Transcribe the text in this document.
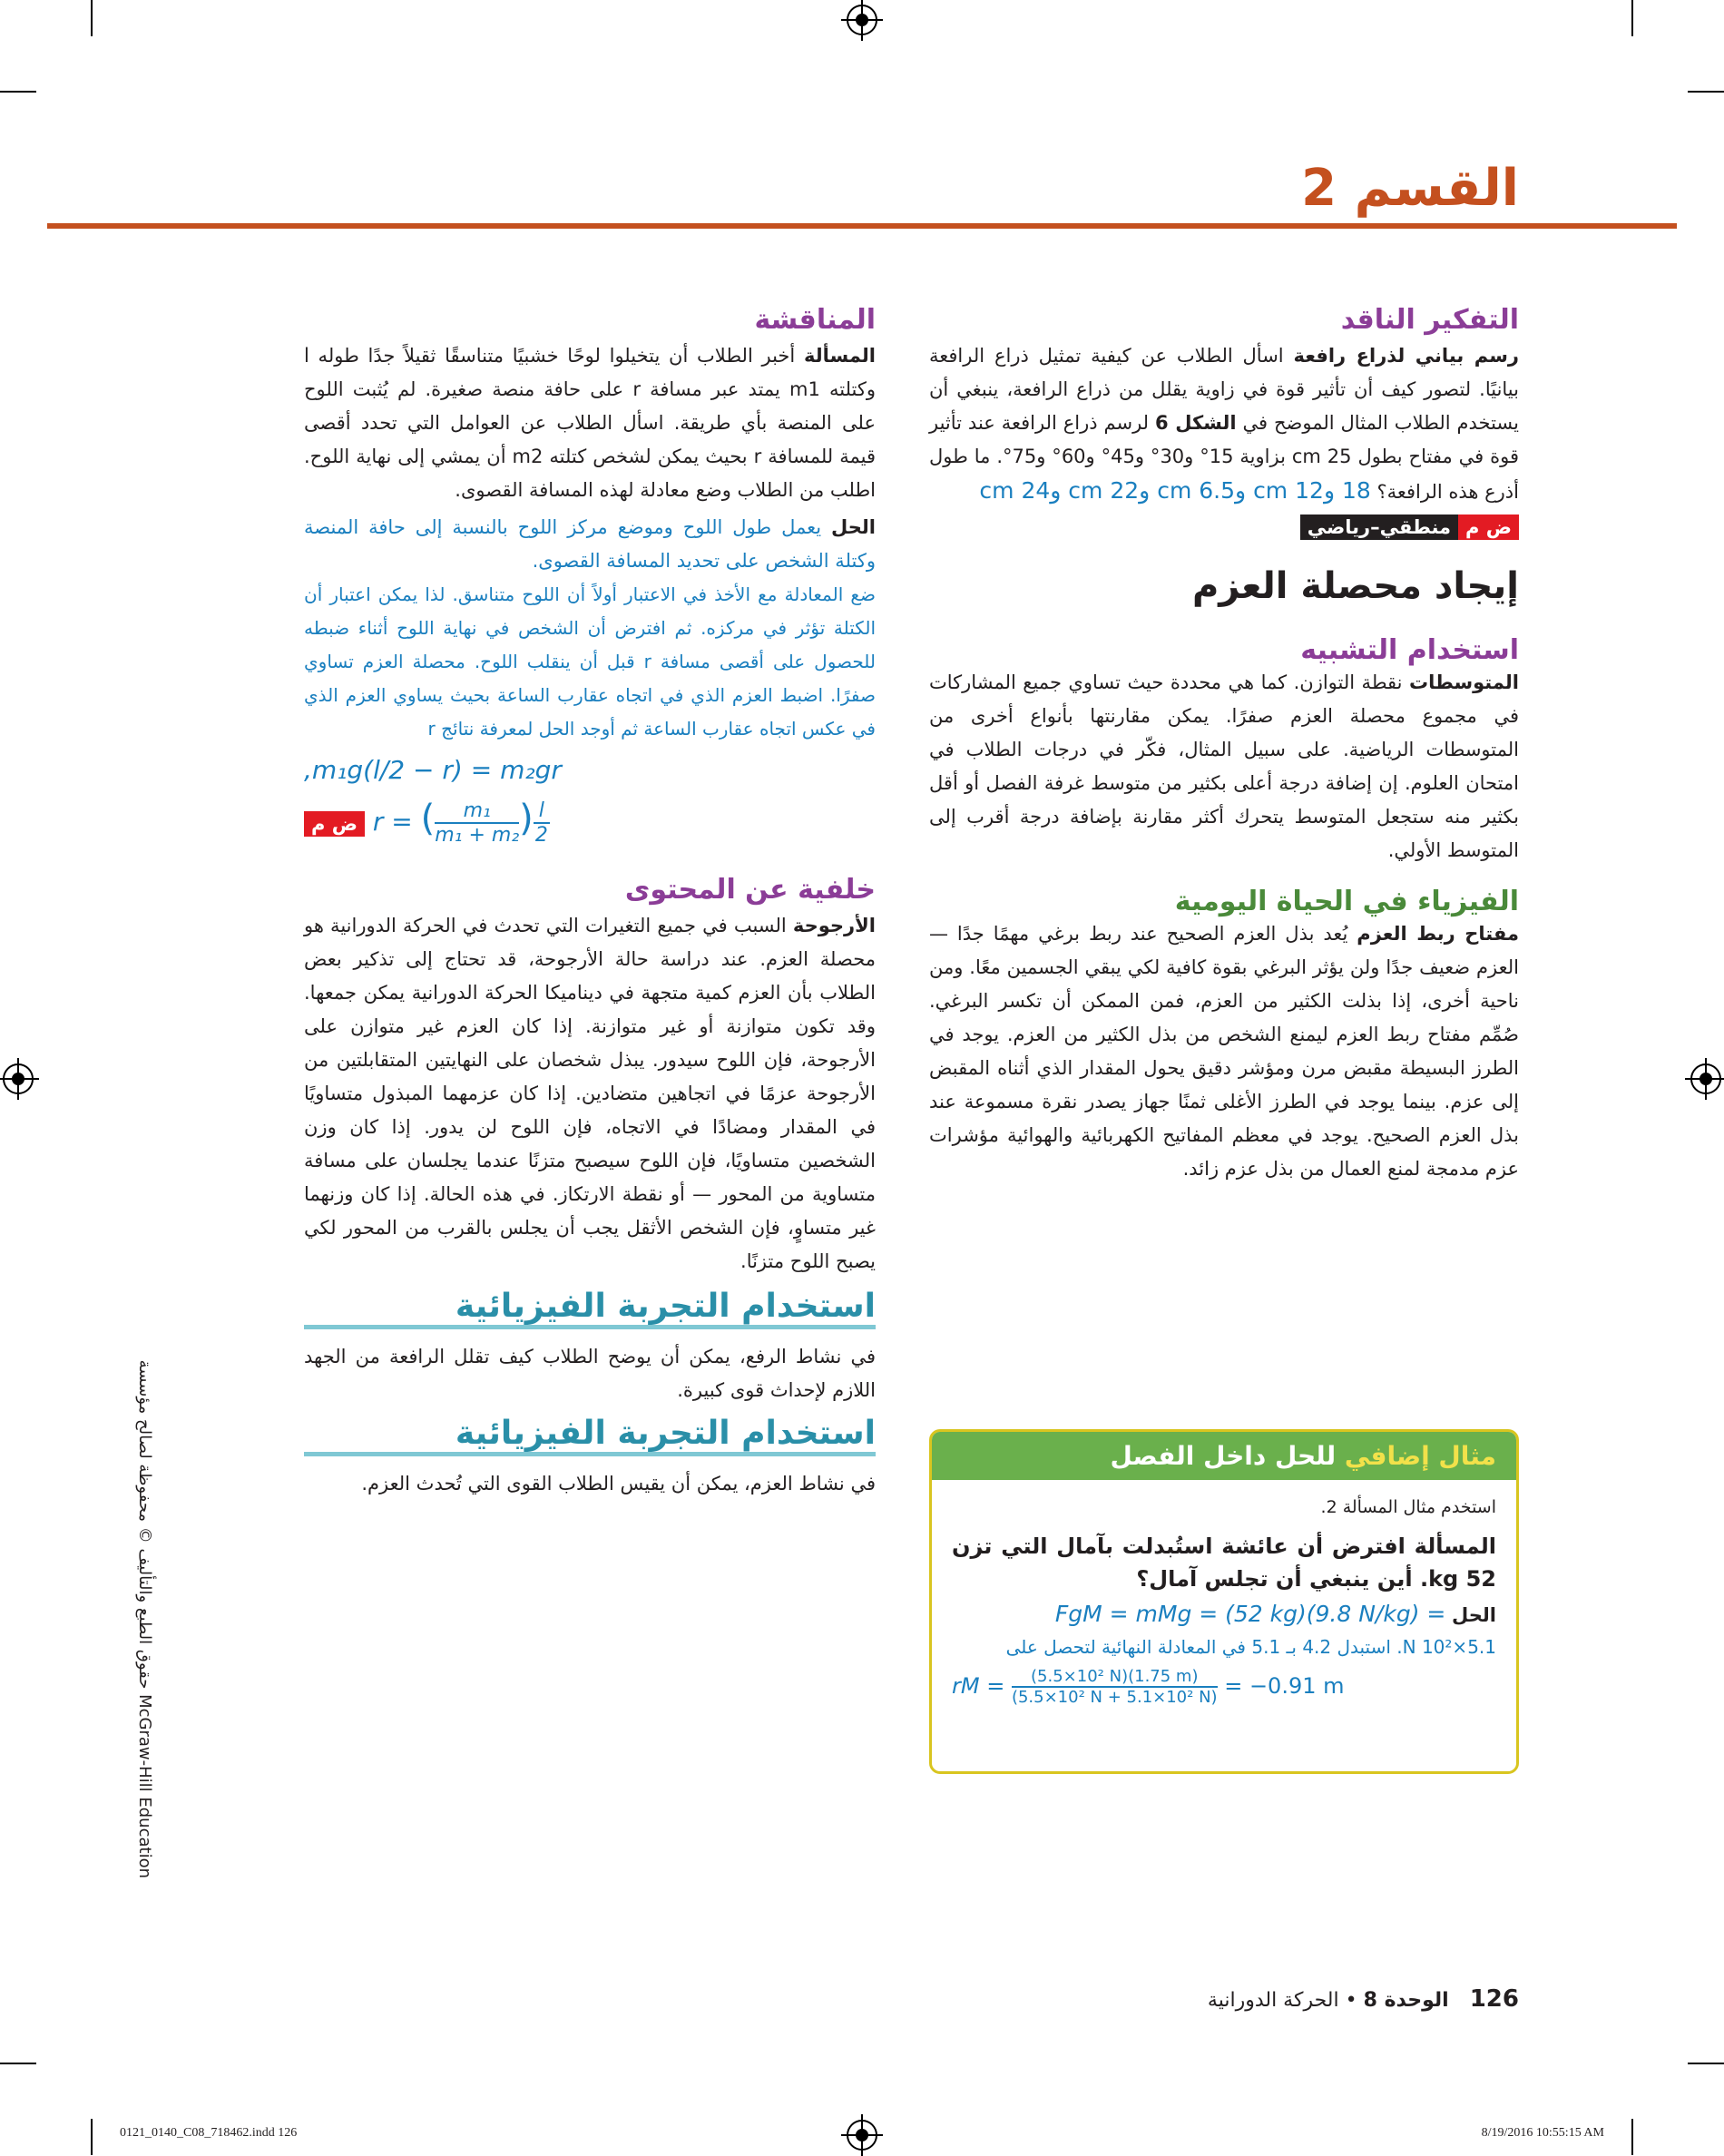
القسم 2
التفكير الناقد
رسم بياني لذراع رافعة اسأل الطلاب عن كيفية تمثيل ذراع الرافعة بيانيًا. لتصور كيف أن تأثير قوة في زاوية يقلل من ذراع الرافعة، ينبغي أن يستخدم الطلاب المثال الموضح في الشكل 6 لرسم ذراع الرافعة عند تأثير قوة في مفتاح بطول 25 cm بزاوية 15° و30° و45° و60° و75°. ما طول أذرع هذه الرافعة؟ 18 و12 cm و6.5 cm و22 cm و24 cm
ض ممنطقي–رياضي
إيجاد محصلة العزم
استخدام التشبيه
المتوسطات نقطة التوازن. كما هي محددة حيث تساوي جميع المشاركات في مجموع محصلة العزم صفرًا. يمكن مقارنتها بأنواع أخرى من المتوسطات الرياضية. على سبيل المثال، فكّر في درجات الطلاب في امتحان العلوم. إن إضافة درجة أعلى بكثير من متوسط غرفة الفصل أو أقل بكثير منه ستجعل المتوسط يتحرك أكثر مقارنة بإضافة درجة أقرب إلى المتوسط الأولي.
الفيزياء في الحياة اليومية
مفتاح ربط العزم يُعد بذل العزم الصحيح عند ربط برغي مهمًا جدًا — العزم ضعيف جدًا ولن يؤثر البرغي بقوة كافية لكي يبقي الجسمين معًا. ومن ناحية أخرى، إذا بذلت الكثير من العزم، فمن الممكن أن تكسر البرغي. صُمِّم مفتاح ربط العزم ليمنع الشخص من بذل الكثير من العزم. يوجد في الطرز البسيطة مقبض مرن ومؤشر دقيق يحول المقدار الذي أثناه المقبض إلى عزم. بينما يوجد في الطرز الأغلى ثمنًا جهاز يصدر نقرة مسموعة عند بذل العزم الصحيح. يوجد في معظم المفاتيح الكهربائية والهوائية مؤشرات عزم مدمجة لمنع العمال من بذل عزم زائد.
مثال إضافي للحل داخل الفصل
استخدم مثال المسألة 2.
المسألة افترض أن عائشة استُبدلت بآمال التي تزن 52 kg. أين ينبغي أن تجلس آمال؟
الحل FgM = mMg = (52 kg)(9.8 N/kg) =
5.1×10² N. استبدل 4.2 بـ 5.1 في المعادلة النهائية لتحصل على
rM = $\frac{\text{(5.5×10² N)(1.75 m)}}{\text{(5.5×10² N + 5.1×10² N)}} = -0.91$ m
المناقشة
المسألة أخبر الطلاب أن يتخيلوا لوحًا خشبيًا متناسقًا ثقيلاً جدًا طوله l وكتلته m1 يمتد عبر مسافة r على حافة منصة صغيرة. لم يُثبت اللوح على المنصة بأي طريقة. اسأل الطلاب عن العوامل التي تحدد أقصى قيمة للمسافة r بحيث يمكن لشخص كتلته m2 أن يمشي إلى نهاية اللوح. اطلب من الطلاب وضع معادلة لهذه المسافة القصوى.
الحل يعمل طول اللوح وموضع مركز اللوح بالنسبة إلى حافة المنصة وكتلة الشخص على تحديد المسافة القصوى.
ضع المعادلة مع الأخذ في الاعتبار أولاً أن اللوح متناسق. لذا يمكن اعتبار أن الكتلة تؤثر في مركزه. ثم افترض أن الشخص في نهاية اللوح أثناء ضبطه للحصول على أقصى مسافة r قبل أن ينقلب اللوح. محصلة العزم تساوي صفرًا. اضبط العزم الذي في اتجاه عقارب الساعة بحيث يساوي العزم الذي في عكس اتجاه عقارب الساعة ثم أوجد الحل لمعرفة نتائج r
,m₁g(l/2 − r) = m₂gr
ض م r = ( $\frac{\text{m₁}}{\text{m₁ + m₂}}$ ) $\frac{l}{2}$
خلفية عن المحتوى
الأرجوحة السبب في جميع التغيرات التي تحدث في الحركة الدورانية هو محصلة العزم. عند دراسة حالة الأرجوحة، قد تحتاج إلى تذكير بعض الطلاب بأن العزم كمية متجهة في ديناميكا الحركة الدورانية يمكن جمعها. وقد تكون متوازنة أو غير متوازنة. إذا كان العزم غير متوازن على الأرجوحة، فإن اللوح سيدور. يبذل شخصان على النهايتين المتقابلتين من الأرجوحة عزمًا في اتجاهين متضادين. إذا كان عزمهما المبذول متساويًا في المقدار ومضادًا في الاتجاه، فإن اللوح لن يدور. إذا كان وزن الشخصين متساويًا، فإن اللوح سيصبح متزنًا عندما يجلسان على مسافة متساوية من المحور — أو نقطة الارتكاز. في هذه الحالة. إذا كان وزنهما غير متساوٍ، فإن الشخص الأثقل يجب أن يجلس بالقرب من المحور لكي يصبح اللوح متزنًا.
استخدام التجربة الفيزيائية
في نشاط الرفع، يمكن أن يوضح الطلاب كيف تقلل الرافعة من الجهد اللازم لإحداث قوى كبيرة.
استخدام التجربة الفيزيائية
في نشاط العزم، يمكن أن يقيس الطلاب القوى التي تُحدث العزم.
McGraw-Hill Education حقوق الطبع والتأليف © محفوظة لصالح مؤسسة
126 الوحدة 8 • الحركة الدورانية
0121_0140_C08_718462.indd 126	8/19/2016 10:55:15 AM
